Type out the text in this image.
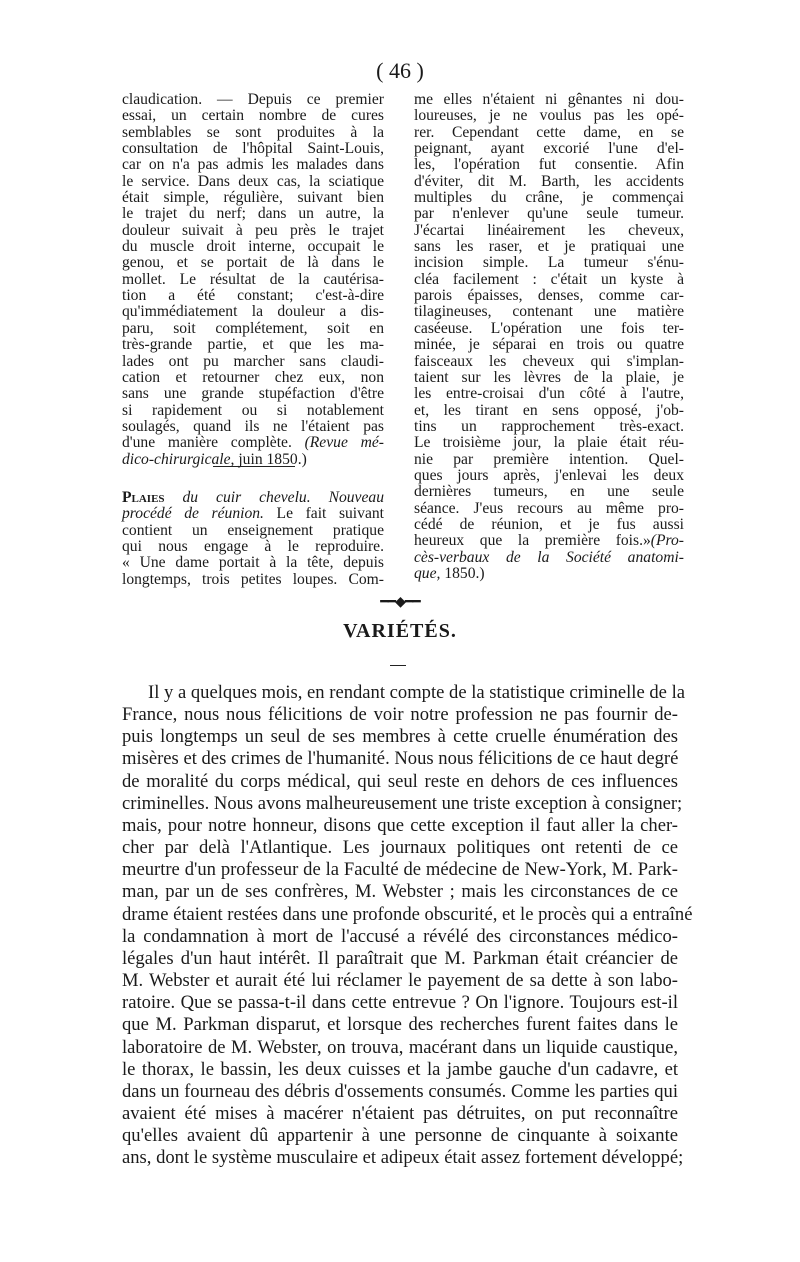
( 46 )

claudication. — Depuis ce premier
essai, un certain nombre de cures
semblables se sont produites à la
consultation de l'hôpital Saint-Louis,
car on n'a pas admis les malades dans
le service. Dans deux cas, la sciatique
était simple, régulière, suivant bien
le trajet du nerf; dans un autre, la
douleur suivait à peu près le trajet
du muscle droit interne, occupait le
genou, et se portait de là dans le
mollet. Le résultat de la cautérisa-
tion a été constant; c'est-à-dire
qu'immédiatement la douleur a dis-
paru, soit complétement, soit en
très-grande partie, et que les ma-
lades ont pu marcher sans claudi-
cation et retourner chez eux, non
sans une grande stupéfaction d'être
si rapidement ou si notablement
soulagés, quand ils ne l'étaient pas
d'une manière complète. (Revue mé-
dico-chirurgicale, juin 1850.)

Plaies du cuir chevelu. Nouveau
procédé de réunion. Le fait suivant
contient un enseignement pratique
qui nous engage à le reproduire.
« Une dame portait à la tête, depuis
longtemps, trois petites loupes. Com-

me elles n'étaient ni gênantes ni dou-
loureuses, je ne voulus pas les opé-
rer. Cependant cette dame, en se
peignant, ayant excorié l'une d'el-
les, l'opération fut consentie. Afin
d'éviter, dit M. Barth, les accidents
multiples du crâne, je commençai
par n'enlever qu'une seule tumeur.
J'écartai linéairement les cheveux,
sans les raser, et je pratiquai une
incision simple. La tumeur s'énu-
cléa facilement : c'était un kyste à
parois épaisses, denses, comme car-
tilagineuses, contenant une matière
caséeuse. L'opération une fois ter-
minée, je séparai en trois ou quatre
faisceaux les cheveux qui s'implan-
taient sur les lèvres de la plaie, je
les entre-croisai d'un côté à l'autre,
et, les tirant en sens opposé, j'ob-
tins un rapprochement très-exact.
Le troisième jour, la plaie était réu-
nie par première intention. Quel-
ques jours après, j'enlevai les deux
dernières tumeurs, en une seule
séance. J'eus recours au même pro-
cédé de réunion, et je fus aussi
heureux que la première fois.»(Pro-
cès-verbaux de la Société anatomi-
que, 1850.)

━━◆━━
VARIÉTÉS.
Il y a quelques mois, en rendant compte de la statistique criminelle de la
France, nous nous félicitions de voir notre profession ne pas fournir de-
puis longtemps un seul de ses membres à cette cruelle énumération des
misères et des crimes de l'humanité. Nous nous félicitions de ce haut degré
de moralité du corps médical, qui seul reste en dehors de ces influences
criminelles. Nous avons malheureusement une triste exception à consigner;
mais, pour notre honneur, disons que cette exception il faut aller la cher-
cher par delà l'Atlantique. Les journaux politiques ont retenti de ce
meurtre d'un professeur de la Faculté de médecine de New-York, M. Park-
man, par un de ses confrères, M. Webster ; mais les circonstances de ce
drame étaient restées dans une profonde obscurité, et le procès qui a entraîné
la condamnation à mort de l'accusé a révélé des circonstances médico-
légales d'un haut intérêt. Il paraîtrait que M. Parkman était créancier de
M. Webster et aurait été lui réclamer le payement de sa dette à son labo-
ratoire. Que se passa-t-il dans cette entrevue ? On l'ignore. Toujours est-il
que M. Parkman disparut, et lorsque des recherches furent faites dans le
laboratoire de M. Webster, on trouva, macérant dans un liquide caustique,
le thorax, le bassin, les deux cuisses et la jambe gauche d'un cadavre, et
dans un fourneau des débris d'ossements consumés. Comme les parties qui
avaient été mises à macérer n'étaient pas détruites, on put reconnaître
qu'elles avaient dû appartenir à une personne de cinquante à soixante
ans, dont le système musculaire et adipeux était assez fortement développé;
